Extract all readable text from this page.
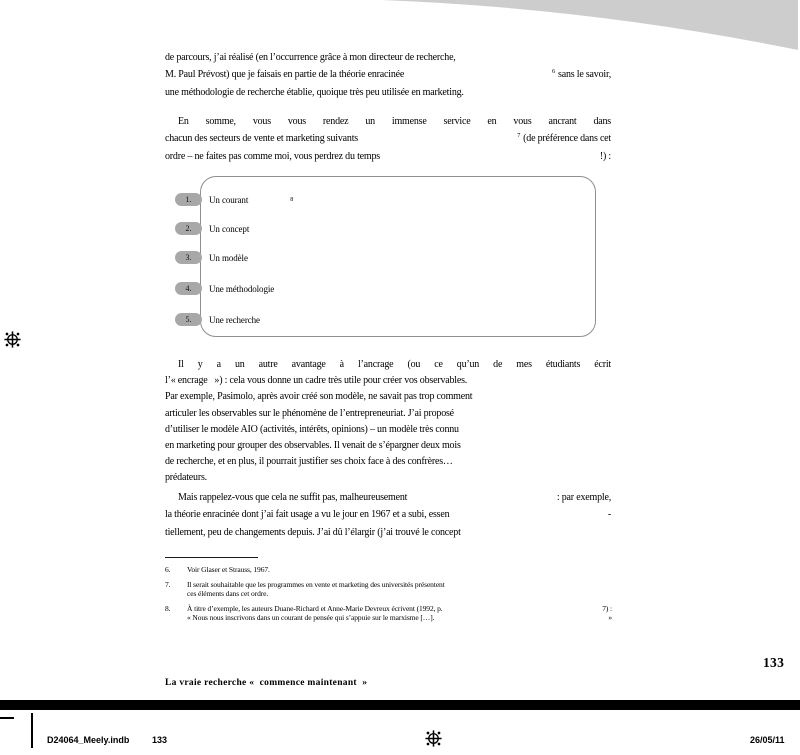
de parcours, j’ai réalisé (en l’occurrence grâce à mon directeur de recherche,
M. Paul Prévost) que je faisais en partie de la théorie enracinée	$^6$ sans le savoir,
une méthodologie de recherche établie, quoique très peu utilisée en marketing.
En somme, vous vous rendez un immense service en vous ancrant dans
chacun des secteurs de vente et marketing suivants	$^7$ (de préférence dans cet
ordre – ne faites pas comme moi, vous perdrez du temps	!) :
1. Un courant	8
2. Un concept
3. Un modèle
4. Une méthodologie
5. Une recherche
Il y a un autre avantage à l’ancrage (ou ce qu’un de mes étudiants écrit
l’« encrage   ») : cela vous donne un cadre très utile pour créer vos observables.
Par exemple, Pasimolo, après avoir créé son modèle, ne savait pas trop comment
articuler les observables sur le phénomène de l’entrepreneuriat. J’ai proposé
d’utiliser le modèle AIO (activités, intérêts, opinions) – un modèle très connu
en marketing pour grouper des observables. Il venait de s’épargner deux mois
de recherche, et en plus, il pourrait justifier ses choix face à des confrères…
prédateurs.
Mais rappelez-vous que cela ne suffit pas, malheureusement	: par exemple,
la théorie enracinée dont j’ai fait usage a vu le jour en 1967 et a subi, essen	-
tiellement, peu de changements depuis. J’ai dû l’élargir (j’ai trouvé le concept
6.	Voir Glaser et Strauss, 1967.
7.	Il serait souhaitable que les programmes en vente et marketing des universités présentent
ces éléments dans cet ordre.
8.	À titre d’exemple, les auteurs Duane-Richard et Anne-Marie Devreux écrivent (1992, p.	7) :
« Nous nous inscrivons dans un courant de pensée qui s’appuie sur le marxisme […].	»
133
La vraie recherche «  commence maintenant  »
D24064_Meely.indb	133	26/05/11
